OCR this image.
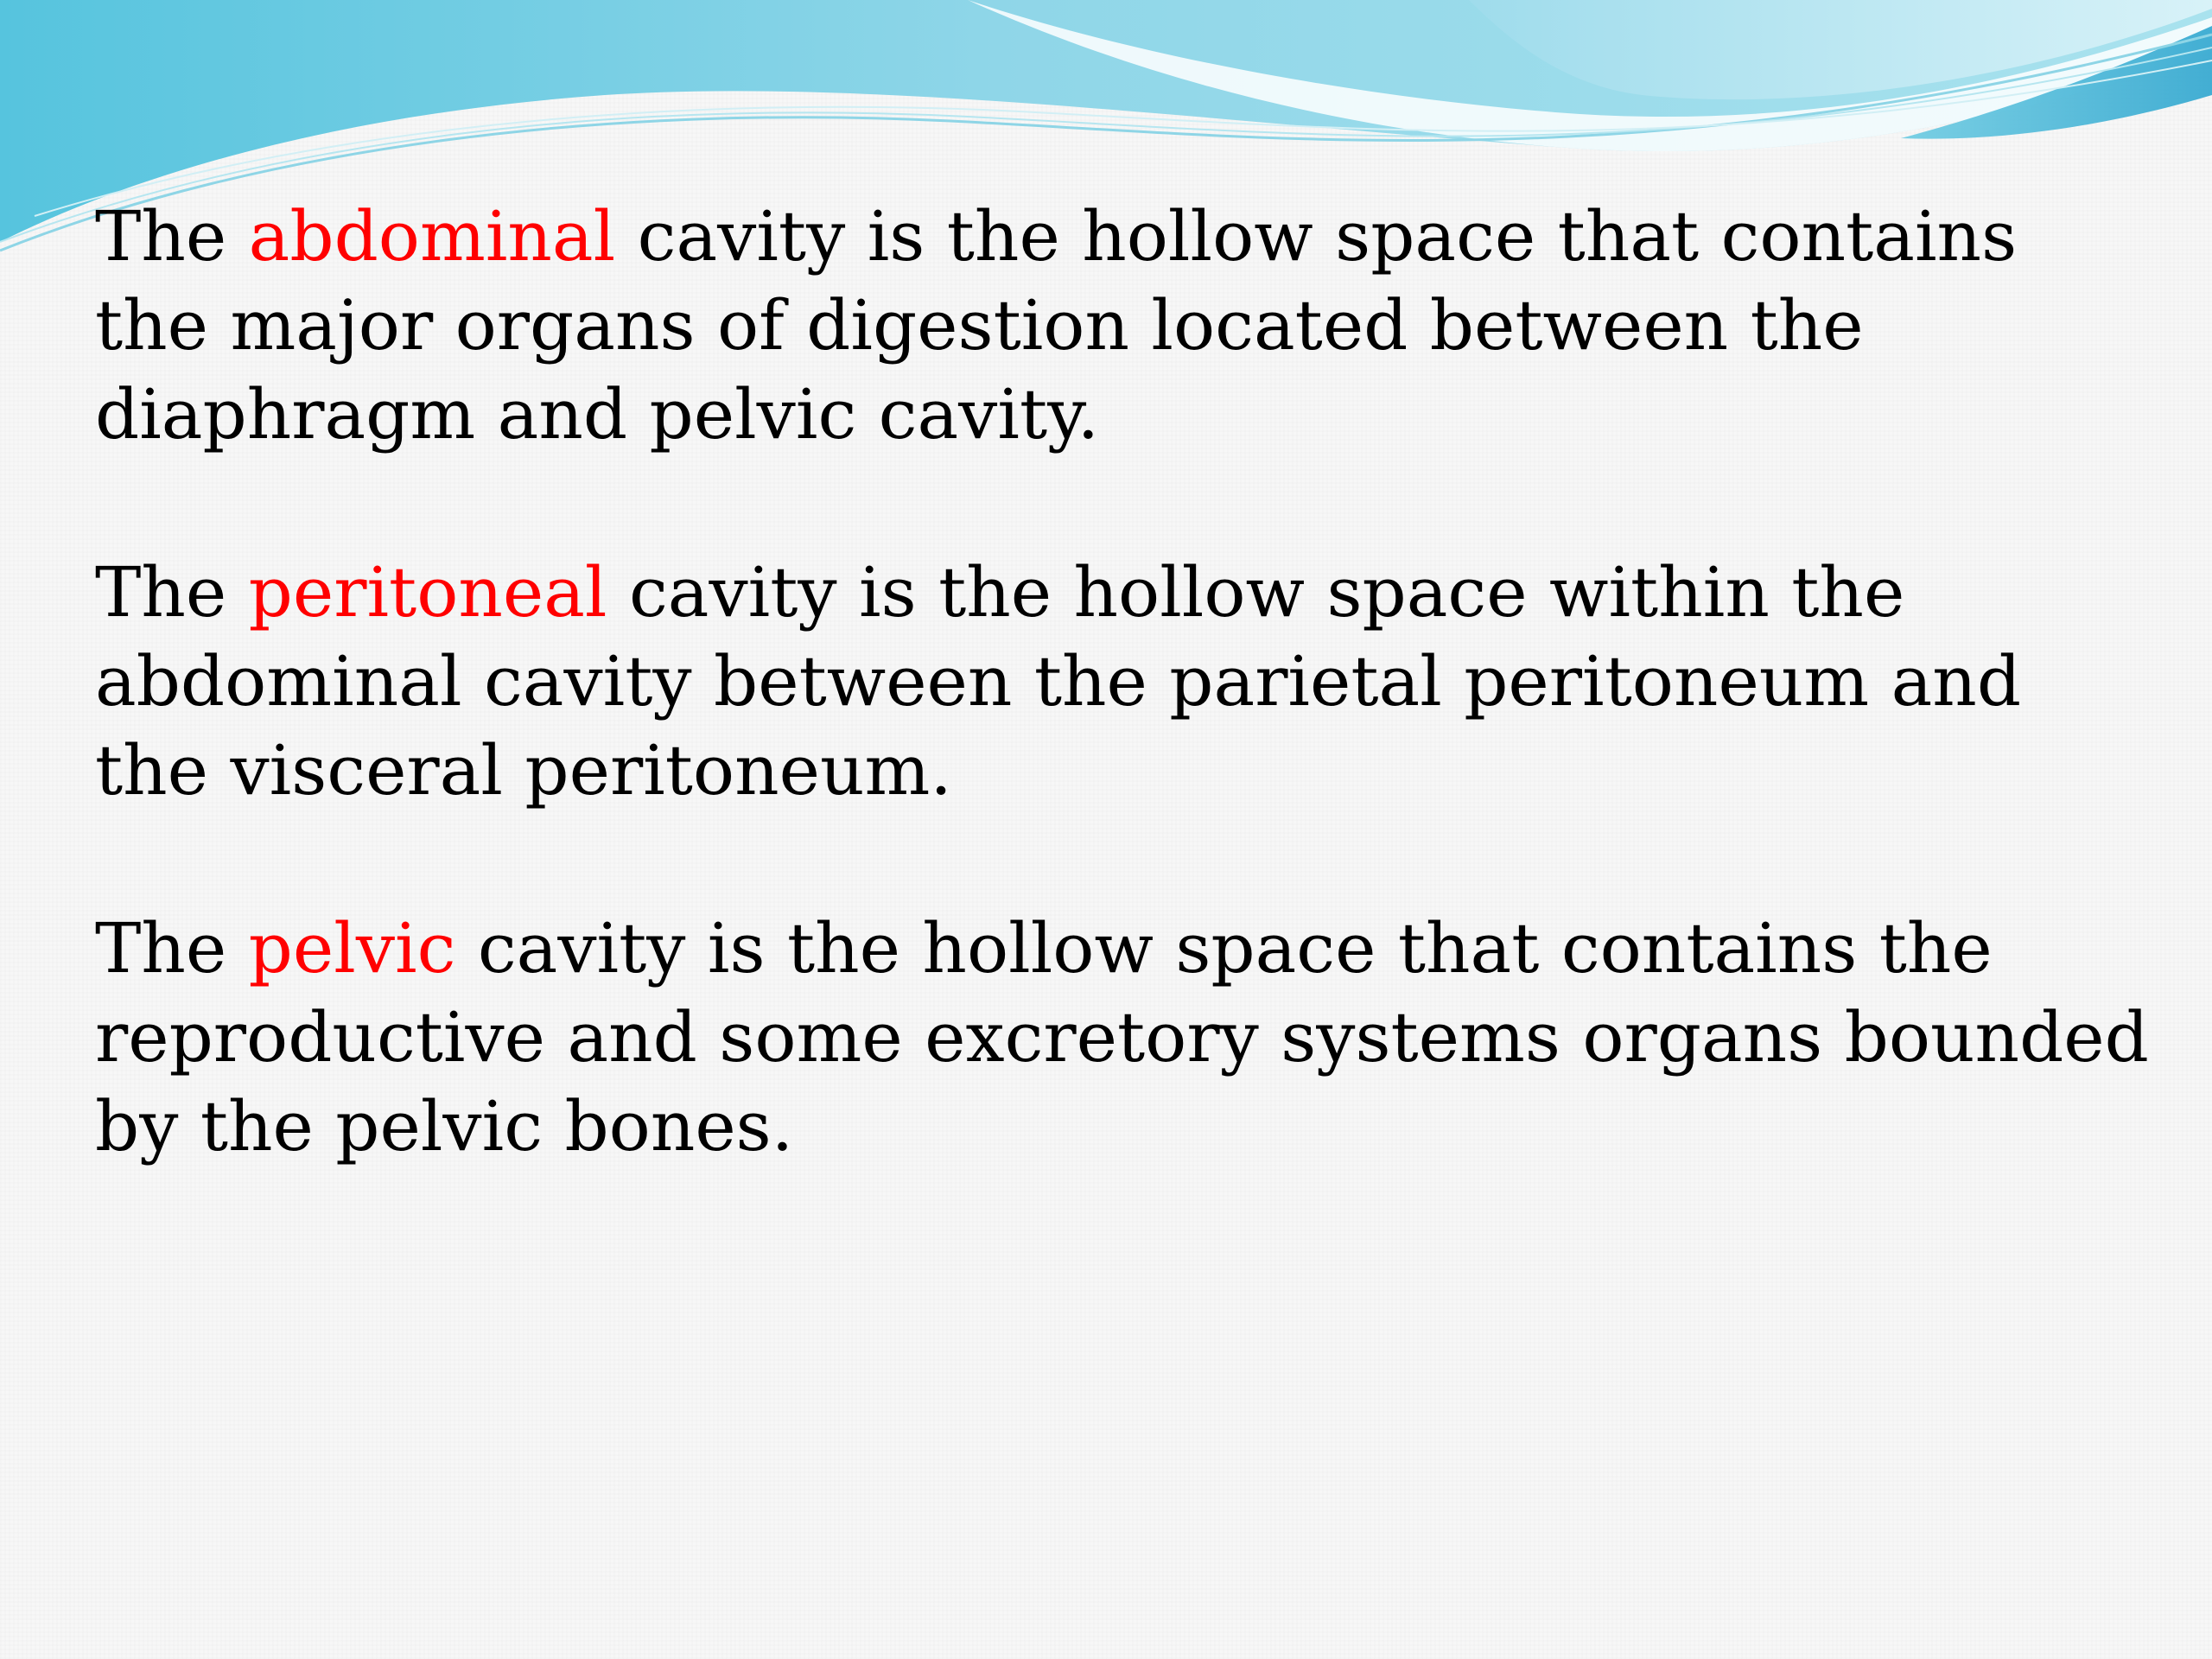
The abdominal cavity is the hollow space that contains the major organs of digestion located between the diaphragm and pelvic cavity.

The peritoneal cavity is the hollow space within the abdominal cavity between the parietal peritoneum and the visceral peritoneum.

The pelvic cavity is the hollow space that contains the reproductive and some excretory systems organs bounded by the pelvic bones.
